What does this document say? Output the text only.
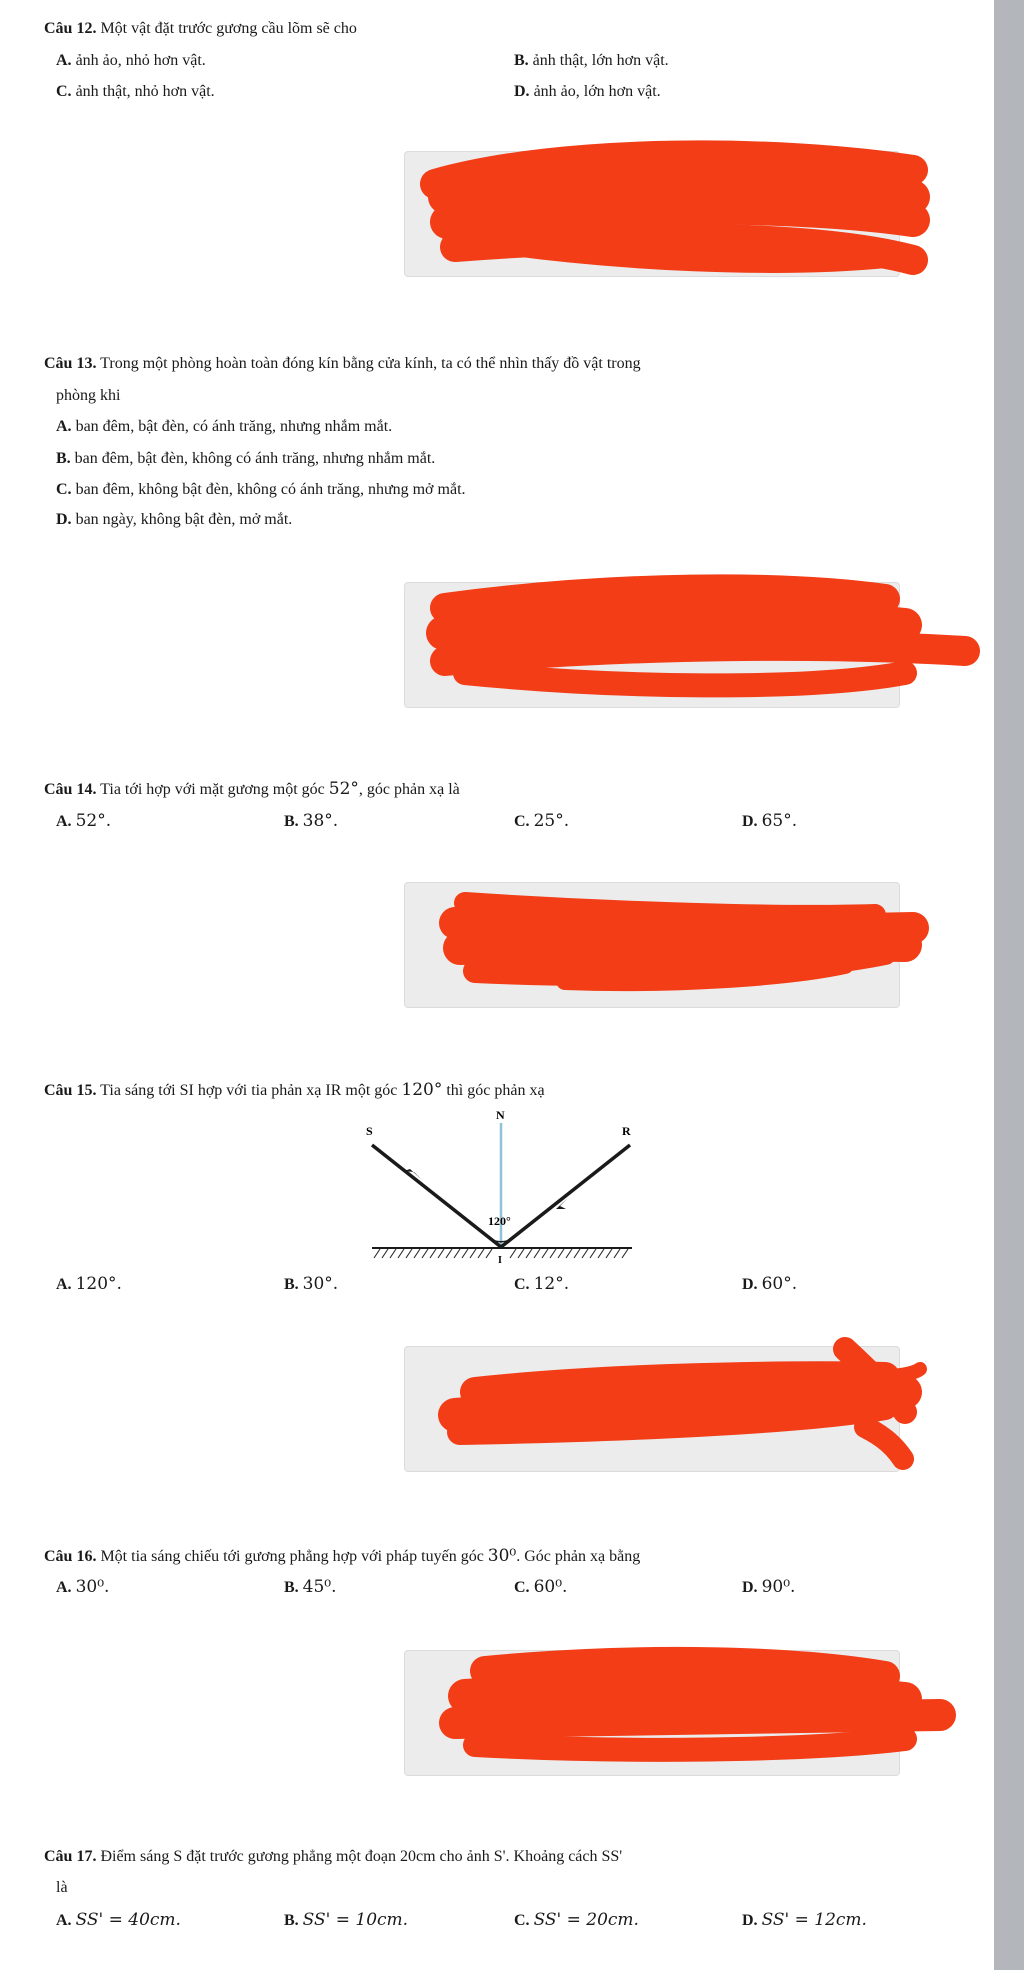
Câu 12. Một vật đặt trước gương cầu lõm sẽ cho
A. ảnh ảo, nhỏ hơn vật.	B. ảnh thật, lớn hơn vật.
C. ảnh thật, nhỏ hơn vật.	D. ảnh ảo, lớn hơn vật.
Câu 13. Trong một phòng hoàn toàn đóng kín bằng cửa kính, ta có thể nhìn thấy đồ vật trong
phòng khi
A. ban đêm, bật đèn, có ánh trăng, nhưng nhắm mắt.
B. ban đêm, bật đèn, không có ánh trăng, nhưng nhắm mắt.
C. ban đêm, không bật đèn, không có ánh trăng, nhưng mở mắt.
D. ban ngày, không bật đèn, mở mắt.
Câu 14. Tia tới hợp với mặt gương một góc 52°, góc phản xạ là
A. 52°.	B. 38°.	C. 25°.	D. 65°.
Câu 15. Tia sáng tới SI hợp với tia phản xạ IR một góc 120° thì góc phản xạ
N
S	R
I
120°
A. 120°.	B. 30°.	C. 12°.	D. 60°.
Câu 16. Một tia sáng chiếu tới gương phẳng hợp với pháp tuyến góc 30⁰. Góc phản xạ bằng
A. 30⁰.	B. 45⁰.	C. 60⁰.	D. 90⁰.
Câu 17. Điểm sáng S đặt trước gương phẳng một đoạn 20cm cho ảnh S'. Khoảng cách SS'
là
A. SS' = 40cm.	B. SS' = 10cm.	C. SS' = 20cm.	D. SS' = 12cm.
